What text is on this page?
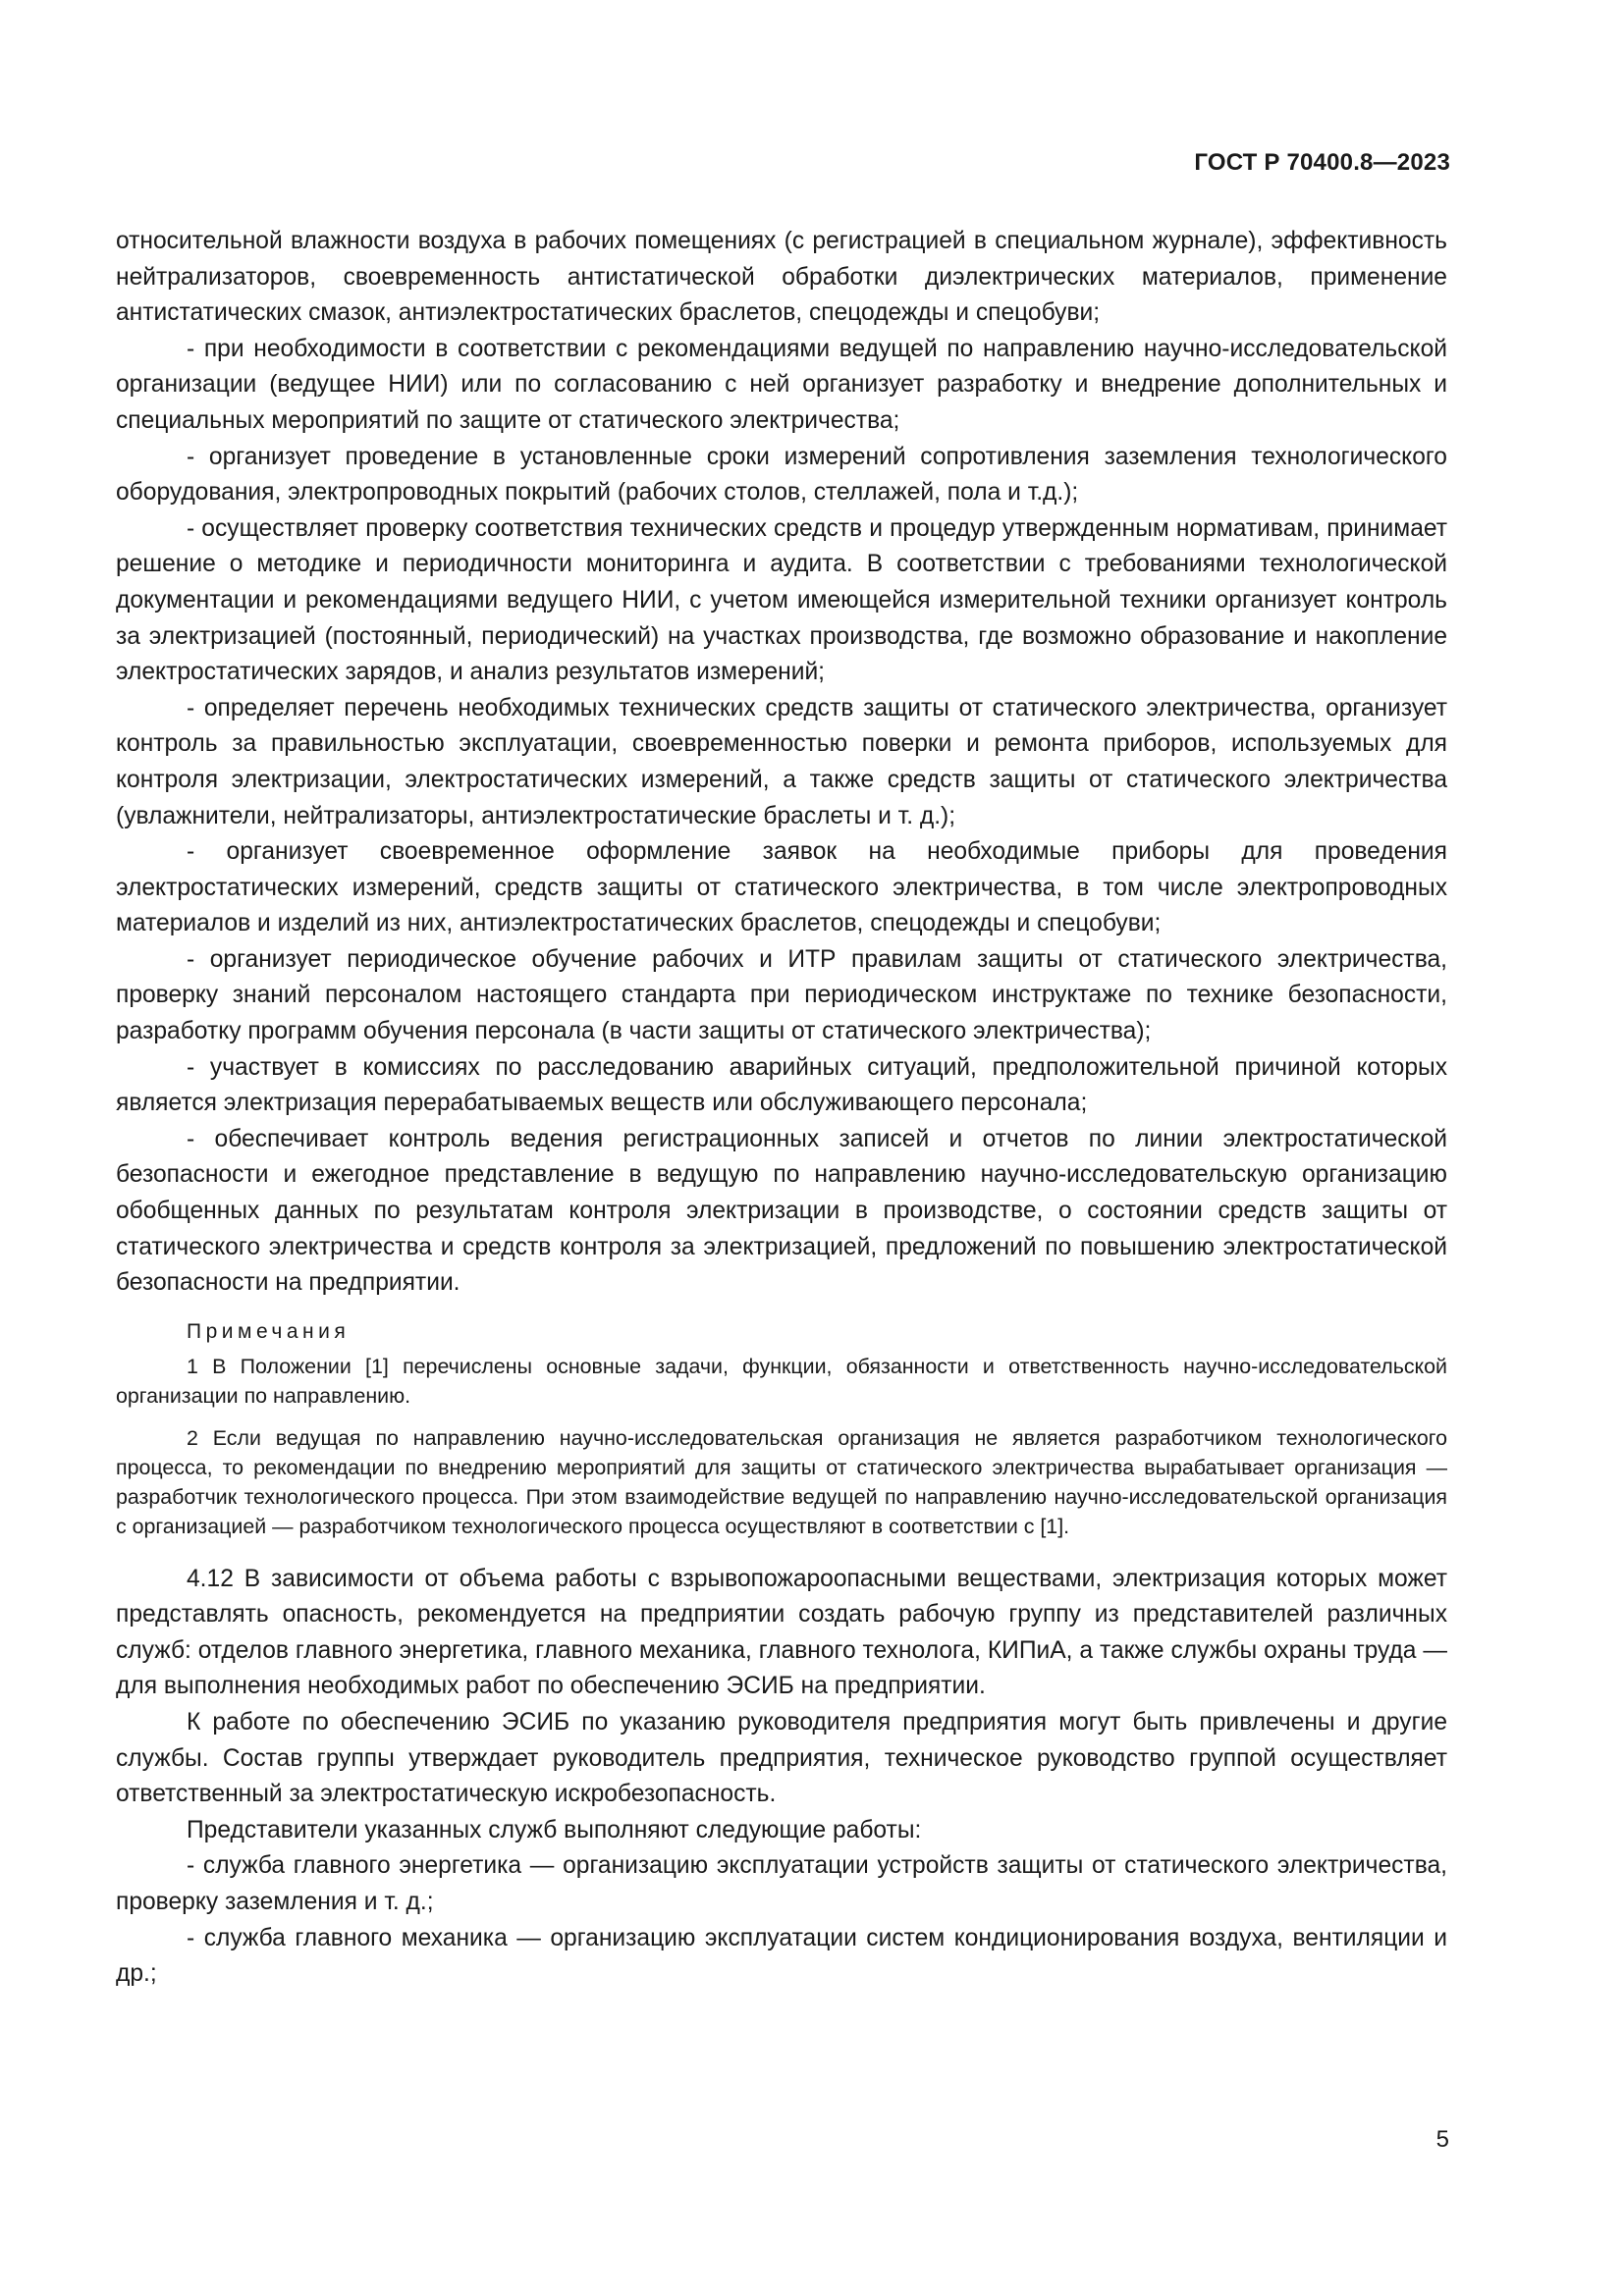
ГОСТ Р 70400.8—2023

относительной влажности воздуха в рабочих помещениях (с регистрацией в специальном журнале), эффективность нейтрализаторов, своевременность антистатической обработки диэлектрических материалов, применение антистатических смазок, антиэлектростатических браслетов, спецодежды и спецобуви;

- при необходимости в соответствии с рекомендациями ведущей по направлению научно-исследовательской организации (ведущее НИИ) или по согласованию с ней организует разработку и внедрение дополнительных и специальных мероприятий по защите от статического электричества;

- организует проведение в установленные сроки измерений сопротивления заземления технологического оборудования, электропроводных покрытий (рабочих столов, стеллажей, пола и т.д.);

- осуществляет проверку соответствия технических средств и процедур утвержденным нормативам, принимает решение о методике и периодичности мониторинга и аудита. В соответствии с требованиями технологической документации и рекомендациями ведущего НИИ, с учетом имеющейся измерительной техники организует контроль за электризацией (постоянный, периодический) на участках производства, где возможно образование и накопление электростатических зарядов, и анализ результатов измерений;

- определяет перечень необходимых технических средств защиты от статического электричества, организует контроль за правильностью эксплуатации, своевременностью поверки и ремонта приборов, используемых для контроля электризации, электростатических измерений, а также средств защиты от статического электричества (увлажнители, нейтрализаторы, антиэлектростатические браслеты и т. д.);

- организует своевременное оформление заявок на необходимые приборы для проведения электростатических измерений, средств защиты от статического электричества, в том числе электропроводных материалов и изделий из них, антиэлектростатических браслетов, спецодежды и спецобуви;

- организует периодическое обучение рабочих и ИТР правилам защиты от статического электричества, проверку знаний персоналом настоящего стандарта при периодическом инструктаже по технике безопасности, разработку программ обучения персонала (в части защиты от статического электричества);

- участвует в комиссиях по расследованию аварийных ситуаций, предположительной причиной которых является электризация перерабатываемых веществ или обслуживающего персонала;

- обеспечивает контроль ведения регистрационных записей и отчетов по линии электростатической безопасности и ежегодное представление в ведущую по направлению научно-исследовательскую организацию обобщенных данных по результатам контроля электризации в производстве, о состоянии средств защиты от статического электричества и средств контроля за электризацией, предложений по повышению электростатической безопасности на предприятии.

Примечания

1 В Положении [1] перечислены основные задачи, функции, обязанности и ответственность научно-исследовательской организации по направлению.

2 Если ведущая по направлению научно-исследовательская организация не является разработчиком технологического процесса, то рекомендации по внедрению мероприятий для защиты от статического электричества вырабатывает организация — разработчик технологического процесса. При этом взаимодействие ведущей по направлению научно-исследовательской организация с организацией — разработчиком технологического процесса осуществляют в соответствии с [1].

4.12 В зависимости от объема работы с взрывопожароопасными веществами, электризация которых может представлять опасность, рекомендуется на предприятии создать рабочую группу из представителей различных служб: отделов главного энергетика, главного механика, главного технолога, КИПиА, а также службы охраны труда — для выполнения необходимых работ по обеспечению ЭСИБ на предприятии.

К работе по обеспечению ЭСИБ по указанию руководителя предприятия могут быть привлечены и другие службы. Состав группы утверждает руководитель предприятия, техническое руководство группой осуществляет ответственный за электростатическую искробезопасность.

Представители указанных служб выполняют следующие работы:

- служба главного энергетика — организацию эксплуатации устройств защиты от статического электричества, проверку заземления и т. д.;

- служба главного механика — организацию эксплуатации систем кондиционирования воздуха, вентиляции и др.;

5
